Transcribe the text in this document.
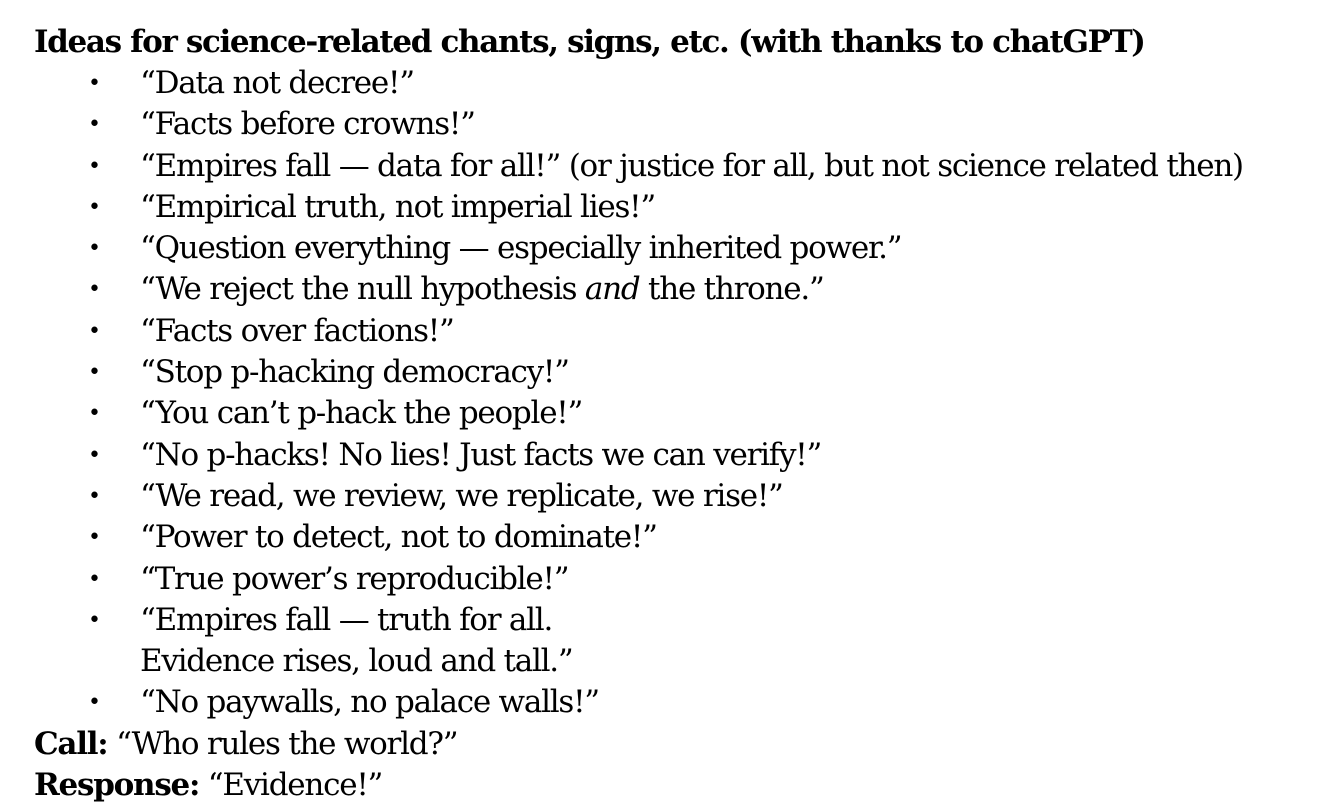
Ideas for science-related chants, signs, etc. (with thanks to chatGPT)
• “Data not decree!”
• “Facts before crowns!”
• “Empires fall — data for all!” (or justice for all, but not science related then)
• “Empirical truth, not imperial lies!”
• “Question everything — especially inherited power.”
• “We reject the null hypothesis and the throne.”
• “Facts over factions!”
• “Stop p-hacking democracy!”
• “You can’t p-hack the people!”
• “No p-hacks! No lies! Just facts we can verify!”
• “We read, we review, we replicate, we rise!”
• “Power to detect, not to dominate!”
• “True power’s reproducible!”
• “Empires fall — truth for all.
Evidence rises, loud and tall.”
• “No paywalls, no palace walls!”
Call: “Who rules the world?”
Response: “Evidence!”
